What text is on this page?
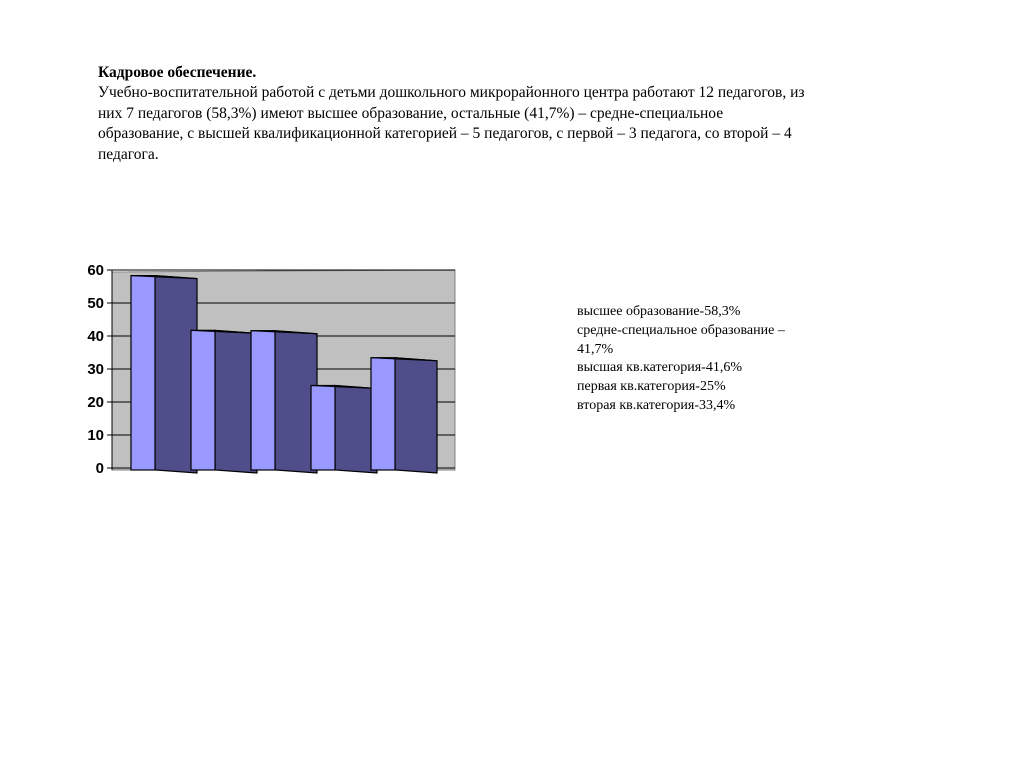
Кадровое обеспечение.
Учебно-воспитательной работой с детьми дошкольного микрорайонного центра работают 12 педагогов, из
них 7 педагогов (58,3%) имеют высшее образование, остальные (41,7%) – средне-специальное
образование, с высшей квалификационной категорией – 5 педагогов, с первой – 3 педагога, со второй – 4
педагога.
0
10
20
30
40
50
60
высшее образование-58,3%
средне-специальное образование –
41,7%
высшая кв.категория-41,6%
первая кв.категория-25%
вторая кв.категория-33,4%
